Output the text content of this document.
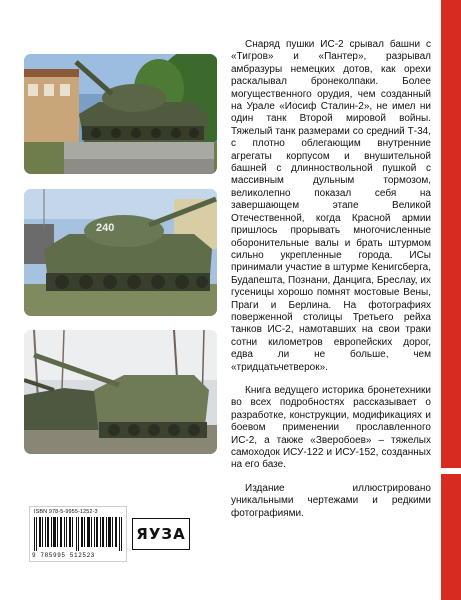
240

Снаряд пушки ИС-2 срывал башни с «Тигров» и «Пантер», разрывал амбразуры немецких дотов, как орехи раскалывал бронеколпаки. Более могущественного орудия, чем созданный на Урале «Иосиф Сталин-2», не имел ни один танк Второй мировой войны. Тяжелый танк размерами со средний Т-34, с плотно облегающим внутренние агрегаты корпусом и внушительной башней с длинноствольной пушкой с массивным дульным тормозом, великолепно показал себя на завершающем этапе Великой Отечественной, когда Красной армии пришлось прорывать многочисленные оборонительные валы и брать штурмом сильно укрепленные города. ИСы принимали участие в штурме Кенигсберга, Будапешта, Познани, Данцига, Бреслау, их гусеницы хорошо помнят мостовые Вены, Праги и Берлина. На фотографиях поверженной столицы Третьего рейха танков ИС-2, намотавших на свои траки сотни километров европейских дорог, едва ли не больше, чем «тридцатьчетверок».

Книга ведущего историка бронетехники во всех подробностях рассказывает о разработке, конструкции, модификациях и боевом применении прославленного ИС-2, а также «Зверобоев» – тяжелых самоходок ИСУ-122 и ИСУ-152, созданных на его базе.

Издание иллюстрировано уникальными чертежами и редкими фотографиями.

ISBN 978-5-9955-1252-3
9 785995 512523
ЯУЗА
